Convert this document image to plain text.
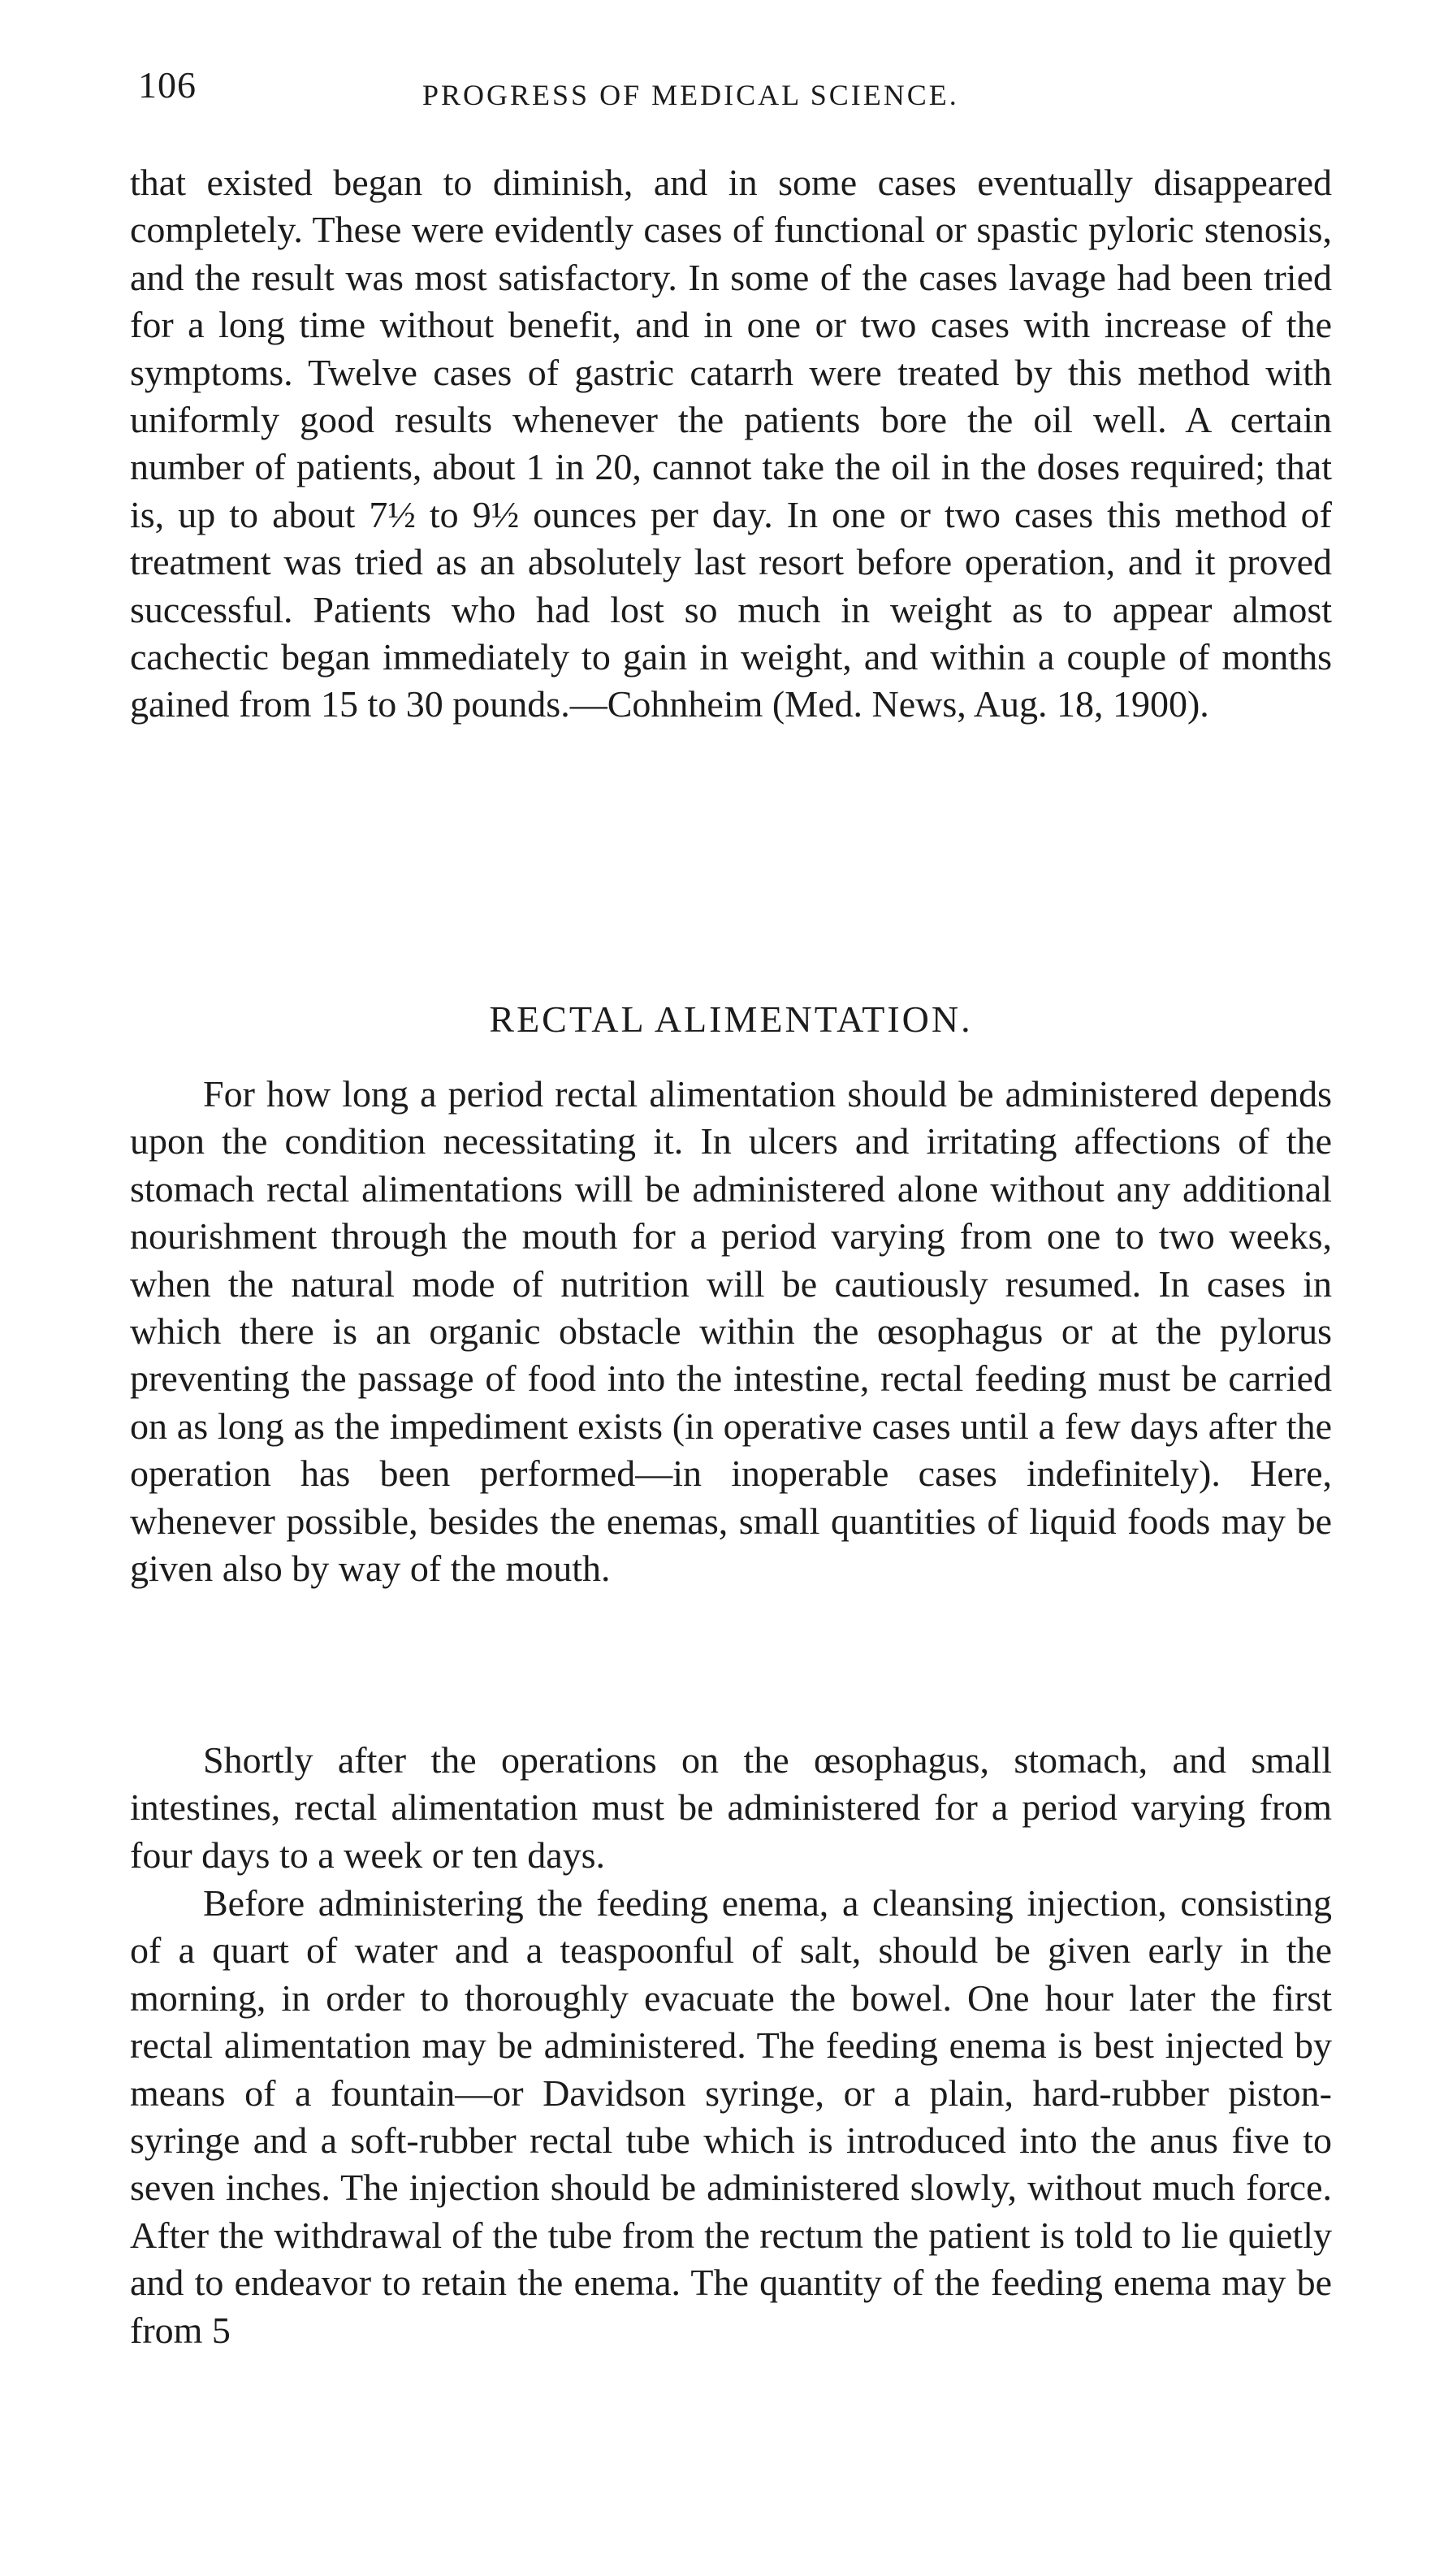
106	PROGRESS OF MEDICAL SCIENCE.

that existed began to diminish, and in some cases eventually disappeared completely. These were evidently cases of functional or spastic pyloric stenosis, and the result was most satisfactory. In some of the cases lavage had been tried for a long time without benefit, and in one or two cases with increase of the symptoms. Twelve cases of gastric catarrh were treated by this method with uniformly good results whenever the patients bore the oil well. A certain number of patients, about 1 in 20, cannot take the oil in the doses required; that is, up to about 7½ to 9½ ounces per day. In one or two cases this method of treatment was tried as an absolutely last resort before operation, and it proved successful. Patients who had lost so much in weight as to appear almost cachectic began immediately to gain in weight, and within a couple of months gained from 15 to 30 pounds.—Cohnheim (Med. News, Aug. 18, 1900).

RECTAL ALIMENTATION.

For how long a period rectal alimentation should be administered depends upon the condition necessitating it. In ulcers and irritating affections of the stomach rectal alimentations will be administered alone without any additional nourishment through the mouth for a period varying from one to two weeks, when the natural mode of nutrition will be cautiously resumed. In cases in which there is an organic obstacle within the œsophagus or at the pylorus preventing the passage of food into the intestine, rectal feeding must be carried on as long as the impediment exists (in operative cases until a few days after the operation has been performed—in inoperable cases indefinitely). Here, whenever possible, besides the enemas, small quantities of liquid foods may be given also by way of the mouth.

Shortly after the operations on the œsophagus, stomach, and small intestines, rectal alimentation must be administered for a period varying from four days to a week or ten days.

Before administering the feeding enema, a cleansing injection, consisting of a quart of water and a teaspoonful of salt, should be given early in the morning, in order to thoroughly evacuate the bowel. One hour later the first rectal alimentation may be administered. The feeding enema is best injected by means of a fountain—or Davidson syringe, or a plain, hard-rubber piston-syringe and a soft-rubber rectal tube which is introduced into the anus five to seven inches. The injection should be administered slowly, without much force. After the withdrawal of the tube from the rectum the patient is told to lie quietly and to endeavor to retain the enema. The quantity of the feeding enema may be from 5
